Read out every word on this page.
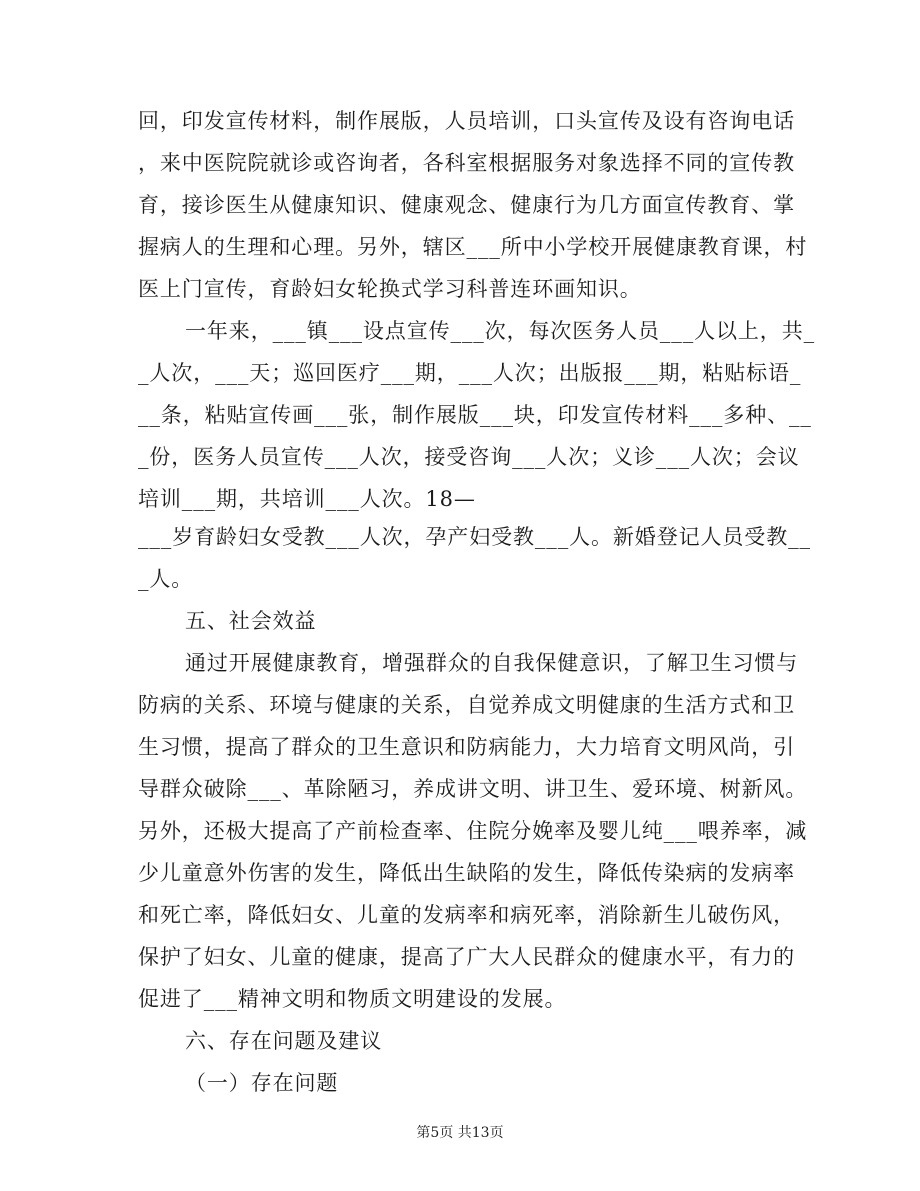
回，印发宣传材料，制作展版，人员培训，口头宣传及设有咨询电话
，来中医院院就诊或咨询者，各科室根据服务对象选择不同的宣传教
育，接诊医生从健康知识、健康观念、健康行为几方面宣传教育、掌
握病人的生理和心理。另外，辖区___所中小学校开展健康教育课，村
医上门宣传，育龄妇女轮换式学习科普连环画知识。
一年来，___镇___设点宣传___次，每次医务人员___人以上，共_
_人次，___天；巡回医疗___期，___人次；出版报___期，粘贴标语_
__条，粘贴宣传画___张，制作展版___块，印发宣传材料___多种、__
_份，医务人员宣传___人次，接受咨询___人次；义诊___人次；会议
培训___期，共培训___人次。18—
___岁育龄妇女受教___人次，孕产妇受教___人。新婚登记人员受教__
_人。
五、社会效益
通过开展健康教育，增强群众的自我保健意识，了解卫生习惯与
防病的关系、环境与健康的关系，自觉养成文明健康的生活方式和卫
生习惯，提高了群众的卫生意识和防病能力，大力培育文明风尚，引
导群众破除___、革除陋习，养成讲文明、讲卫生、爱环境、树新风。
另外，还极大提高了产前检查率、住院分娩率及婴儿纯___喂养率，减
少儿童意外伤害的发生，降低出生缺陷的发生，降低传染病的发病率
和死亡率，降低妇女、儿童的发病率和病死率，消除新生儿破伤风，
保护了妇女、儿童的健康，提高了广大人民群众的健康水平，有力的
促进了___精神文明和物质文明建设的发展。
六、存在问题及建议
（一）存在问题
第5页 共13页
